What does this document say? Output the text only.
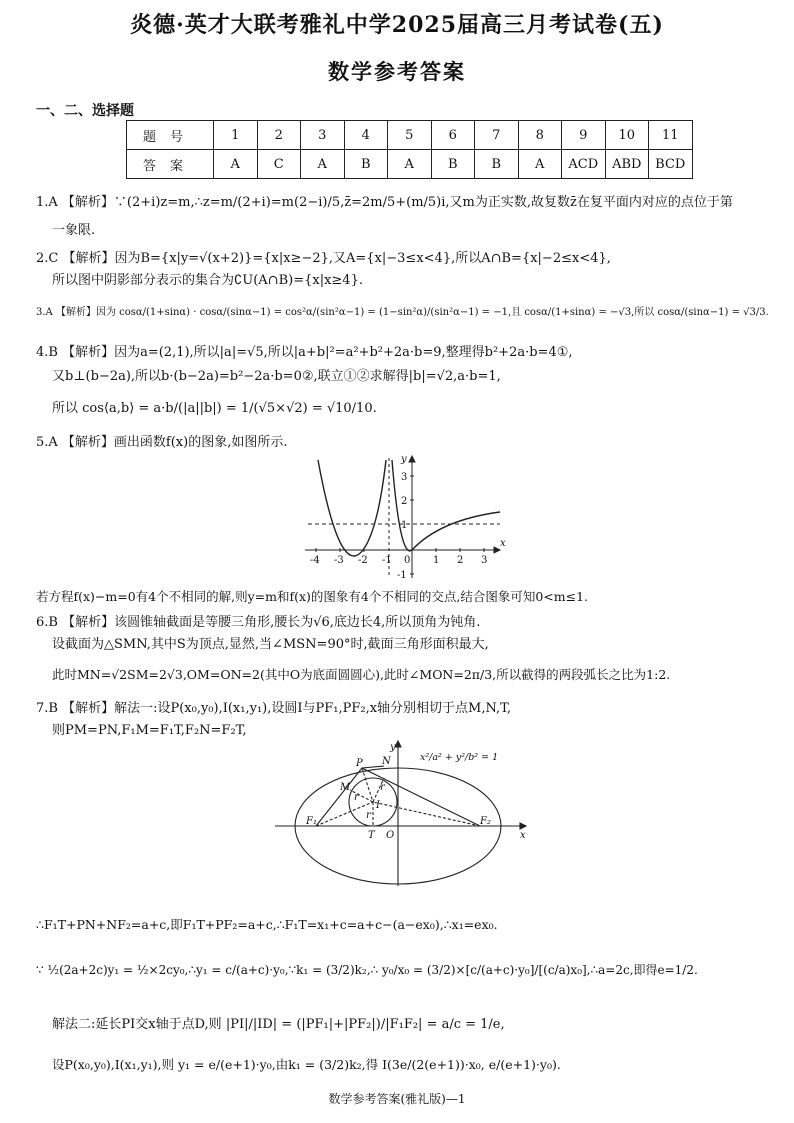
炎德·英才大联考雅礼中学2025届高三月考试卷(五)
数学参考答案
一、二、选择题
题号	1	2	3	4	5	6	7	8	9	10	11
答案	A	C	A	B	A	B	B	A	ACD	ABD	BCD
1.A 【解析】∵(2+i)z=m,∴z=m/(2+i)=m(2−i)/5,z̄=2m/5+(m/5)i,又m为正实数,故复数z̄在复平面内对应的点位于第
一象限.
2.C 【解析】因为B={x|y=√(x+2)}={x|x≥−2},又A={x|−3≤x<4},所以A∩B={x|−2≤x<4},
所以图中阴影部分表示的集合为∁U(A∩B)={x|x≥4}.
3.A 【解析】因为 cosα/(1+sinα) · cosα/(sinα−1) = cos²α/(sin²α−1) = (1−sin²α)/(sin²α−1) = −1,且 cosα/(1+sinα) = −√3,所以 cosα/(sinα−1) = √3/3.
4.B 【解析】因为a=(2,1),所以|a|=√5,所以|a+b|²=a²+b²+2a·b=9,整理得b²+2a·b=4①,
又b⊥(b−2a),所以b·(b−2a)=b²−2a·b=0②,联立①②求解得|b|=√2,a·b=1,
所以 cos⟨a,b⟩ = a·b/(|a||b|) = 1/(√5×√2) = √10/10.
5.A 【解析】画出函数f(x)的图象,如图所示.
-4 -3 -2 -1 0 1 2 3
3
2
1
-1
x
y
若方程f(x)−m=0有4个不相同的解,则y=m和f(x)的图象有4个不相同的交点,结合图象可知0<m≤1.
6.B 【解析】该圆锥轴截面是等腰三角形,腰长为√6,底边长4,所以顶角为钝角.
设截面为△SMN,其中S为顶点,显然,当∠MSN=90°时,截面三角形面积最大,
此时MN=√2SM=2√3,OM=ON=2(其中O为底面圆圆心),此时∠MON=2π/3,所以截得的两段弧长之比为1:2.
7.B 【解析】解法一:设P(x₀,y₀),I(x₁,y₁),设圆I与PF₁,PF₂,x轴分别相切于点M,N,T,
则PM=PN,F₁M=F₁T,F₂N=F₂T,
P N
M
I
r
r
r
F₁
T O
F₂
x
y
x²/a² + y²/b² = 1
∴F₁T+PN+NF₂=a+c,即F₁T+PF₂=a+c,∴F₁T=x₁+c=a+c−(a−ex₀),∴x₁=ex₀.
∵ ½(2a+2c)y₁ = ½×2cy₀,∴y₁ = c/(a+c)·y₀,∵k₁ = (3/2)k₂,∴ y₀/x₀ = (3/2)×[c/(a+c)·y₀]/[(c/a)x₀],∴a=2c,即得e=1/2.
解法二:延长PI交x轴于点D,则 |PI|/|ID| = (|PF₁|+|PF₂|)/|F₁F₂| = a/c = 1/e,
设P(x₀,y₀),I(x₁,y₁),则 y₁ = e/(e+1)·y₀,由k₁ = (3/2)k₂,得 I(3e/(2(e+1))·x₀, e/(e+1)·y₀).
数学参考答案(雅礼版)—1
